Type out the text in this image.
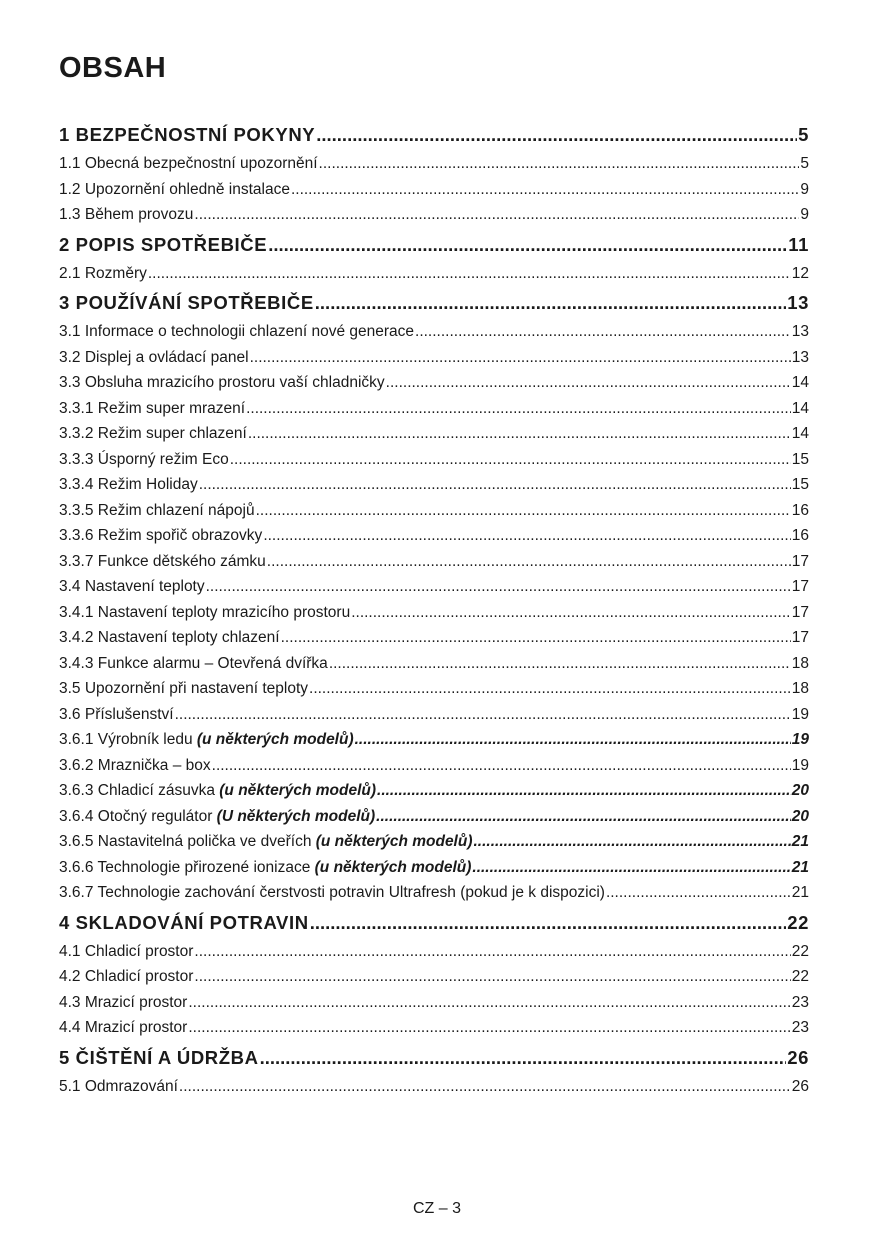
OBSAH
1 BEZPEČNOSTNÍ POKYNY .....	5
1.1 Obecná bezpečnostní upozornění .....	5
1.2 Upozornění ohledně instalace .....	9
1.3 Během provozu .....	9
2 POPIS SPOTŘEBIČE .....	11
2.1 Rozměry .....	12
3 POUŽÍVÁNÍ SPOTŘEBIČE .....	13
3.1 Informace o technologii chlazení nové generace .....	13
3.2 Displej a ovládací panel .....	13
3.3 Obsluha mrazicího prostoru vaší chladničky .....	14
3.3.1 Režim super mrazení .....	14
3.3.2 Režim super chlazení .....	14
3.3.3 Úsporný režim Eco .....	15
3.3.4 Režim Holiday .....	15
3.3.5 Režim chlazení nápojů .....	16
3.3.6 Režim spořič obrazovky .....	16
3.3.7 Funkce dětského zámku .....	17
3.4 Nastavení teploty .....	17
3.4.1 Nastavení teploty mrazicího prostoru .....	17
3.4.2 Nastavení teploty chlazení .....	17
3.4.3 Funkce alarmu – Otevřená dvířka .....	18
3.5 Upozornění při nastavení teploty .....	18
3.6 Příslušenství .....	19
3.6.1 Výrobník ledu (u některých modelů) .....	19
3.6.2 Mraznička – box .....	19
3.6.3 Chladicí zásuvka (u některých modelů) .....	20
3.6.4 Otočný regulátor (U některých modelů) .....	20
3.6.5 Nastavitelná polička ve dveřích (u některých modelů) .....	21
3.6.6 Technologie přirozené ionizace (u některých modelů) .....	21
3.6.7 Technologie zachování čerstvosti potravin Ultrafresh (pokud je k dispozici) .....	21
4 SKLADOVÁNÍ POTRAVIN .....	22
4.1 Chladicí prostor .....	22
4.2 Chladicí prostor .....	22
4.3 Mrazicí prostor .....	23
4.4 Mrazicí prostor .....	23
5 ČIŠTĚNÍ A ÚDRŽBA .....	26
5.1 Odmrazování .....	26
CZ – 3
